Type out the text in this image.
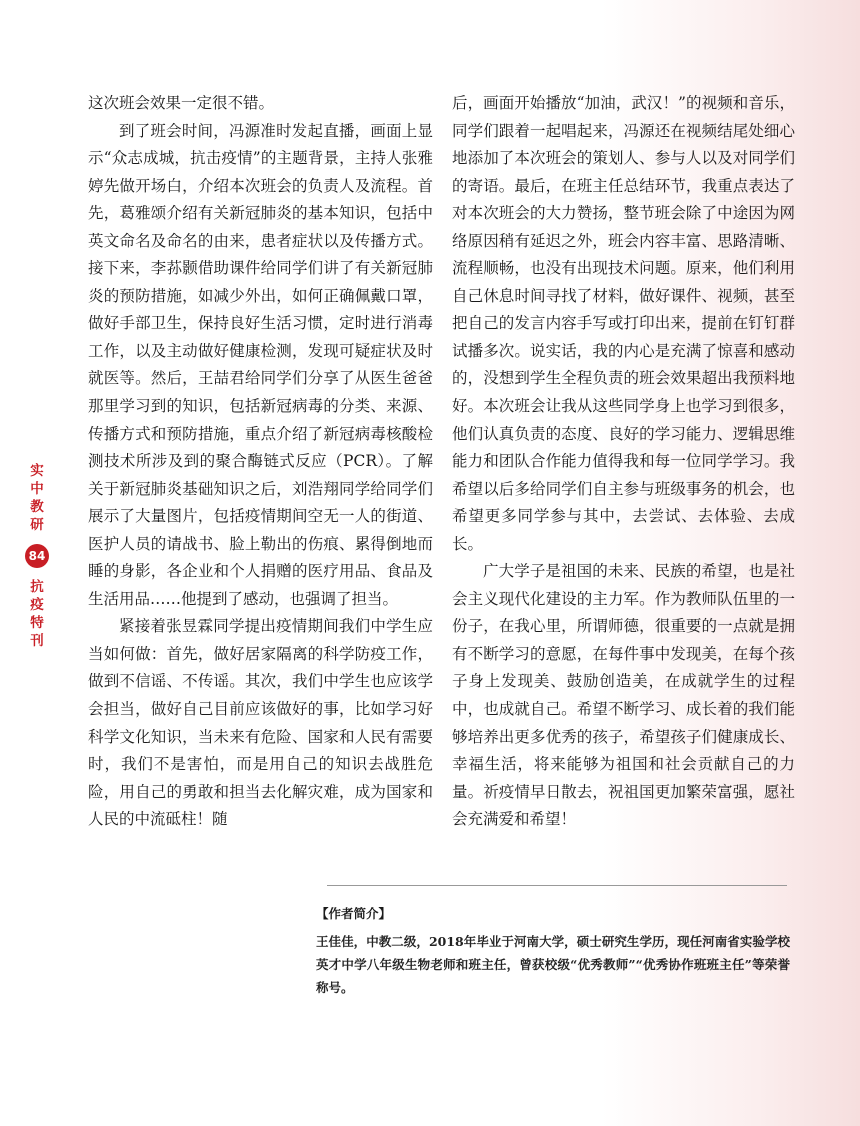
实中教研
84
抗疫特刊

这次班会效果一定很不错。

到了班会时间，冯源准时发起直播，画面上显示“众志成城，抗击疫情”的主题背景，主持人张雅婷先做开场白，介绍本次班会的负责人及流程。首先，葛雅颂介绍有关新冠肺炎的基本知识，包括中英文命名及命名的由来，患者症状以及传播方式。接下来，李荪颢借助课件给同学们讲了有关新冠肺炎的预防措施，如减少外出，如何正确佩戴口罩，做好手部卫生，保持良好生活习惯，定时进行消毒工作，以及主动做好健康检测，发现可疑症状及时就医等。然后，王喆君给同学们分享了从医生爸爸那里学习到的知识，包括新冠病毒的分类、来源、传播方式和预防措施，重点介绍了新冠病毒核酸检测技术所涉及到的聚合酶链式反应（PCR）。了解关于新冠肺炎基础知识之后，刘浩翔同学给同学们展示了大量图片，包括疫情期间空无一人的街道、医护人员的请战书、脸上勒出的伤痕、累得倒地而睡的身影，各企业和个人捐赠的医疗用品、食品及生活用品……他提到了感动，也强调了担当。

紧接着张昱霖同学提出疫情期间我们中学生应当如何做：首先，做好居家隔离的科学防疫工作，做到不信谣、不传谣。其次，我们中学生也应该学会担当，做好自己目前应该做好的事，比如学习好科学文化知识，当未来有危险、国家和人民有需要时，我们不是害怕，而是用自己的知识去战胜危险，用自己的勇敢和担当去化解灾难，成为国家和人民的中流砥柱！随

后，画面开始播放“加油，武汉！”的视频和音乐，同学们跟着一起唱起来，冯源还在视频结尾处细心地添加了本次班会的策划人、参与人以及对同学们的寄语。最后，在班主任总结环节，我重点表达了对本次班会的大力赞扬，整节班会除了中途因为网络原因稍有延迟之外，班会内容丰富、思路清晰、流程顺畅，也没有出现技术问题。原来，他们利用自己休息时间寻找了材料，做好课件、视频，甚至把自己的发言内容手写或打印出来，提前在钉钉群试播多次。说实话，我的内心是充满了惊喜和感动的，没想到学生全程负责的班会效果超出我预料地好。本次班会让我从这些同学身上也学习到很多，他们认真负责的态度、良好的学习能力、逻辑思维能力和团队合作能力值得我和每一位同学学习。我希望以后多给同学们自主参与班级事务的机会，也希望更多同学参与其中，去尝试、去体验、去成长。

广大学子是祖国的未来、民族的希望，也是社会主义现代化建设的主力军。作为教师队伍里的一份子，在我心里，所谓师德，很重要的一点就是拥有不断学习的意愿，在每件事中发现美，在每个孩子身上发现美、鼓励创造美，在成就学生的过程中，也成就自己。希望不断学习、成长着的我们能够培养出更多优秀的孩子，希望孩子们健康成长、幸福生活，将来能够为祖国和社会贡献自己的力量。祈疫情早日散去，祝祖国更加繁荣富强，愿社会充满爱和希望！

【作者简介】
王佳佳，中教二级，2018年毕业于河南大学，硕士研究生学历，现任河南省实验学校英才中学八年级生物老师和班主任，曾获校级“优秀教师”“优秀协作班班主任”等荣誉称号。
